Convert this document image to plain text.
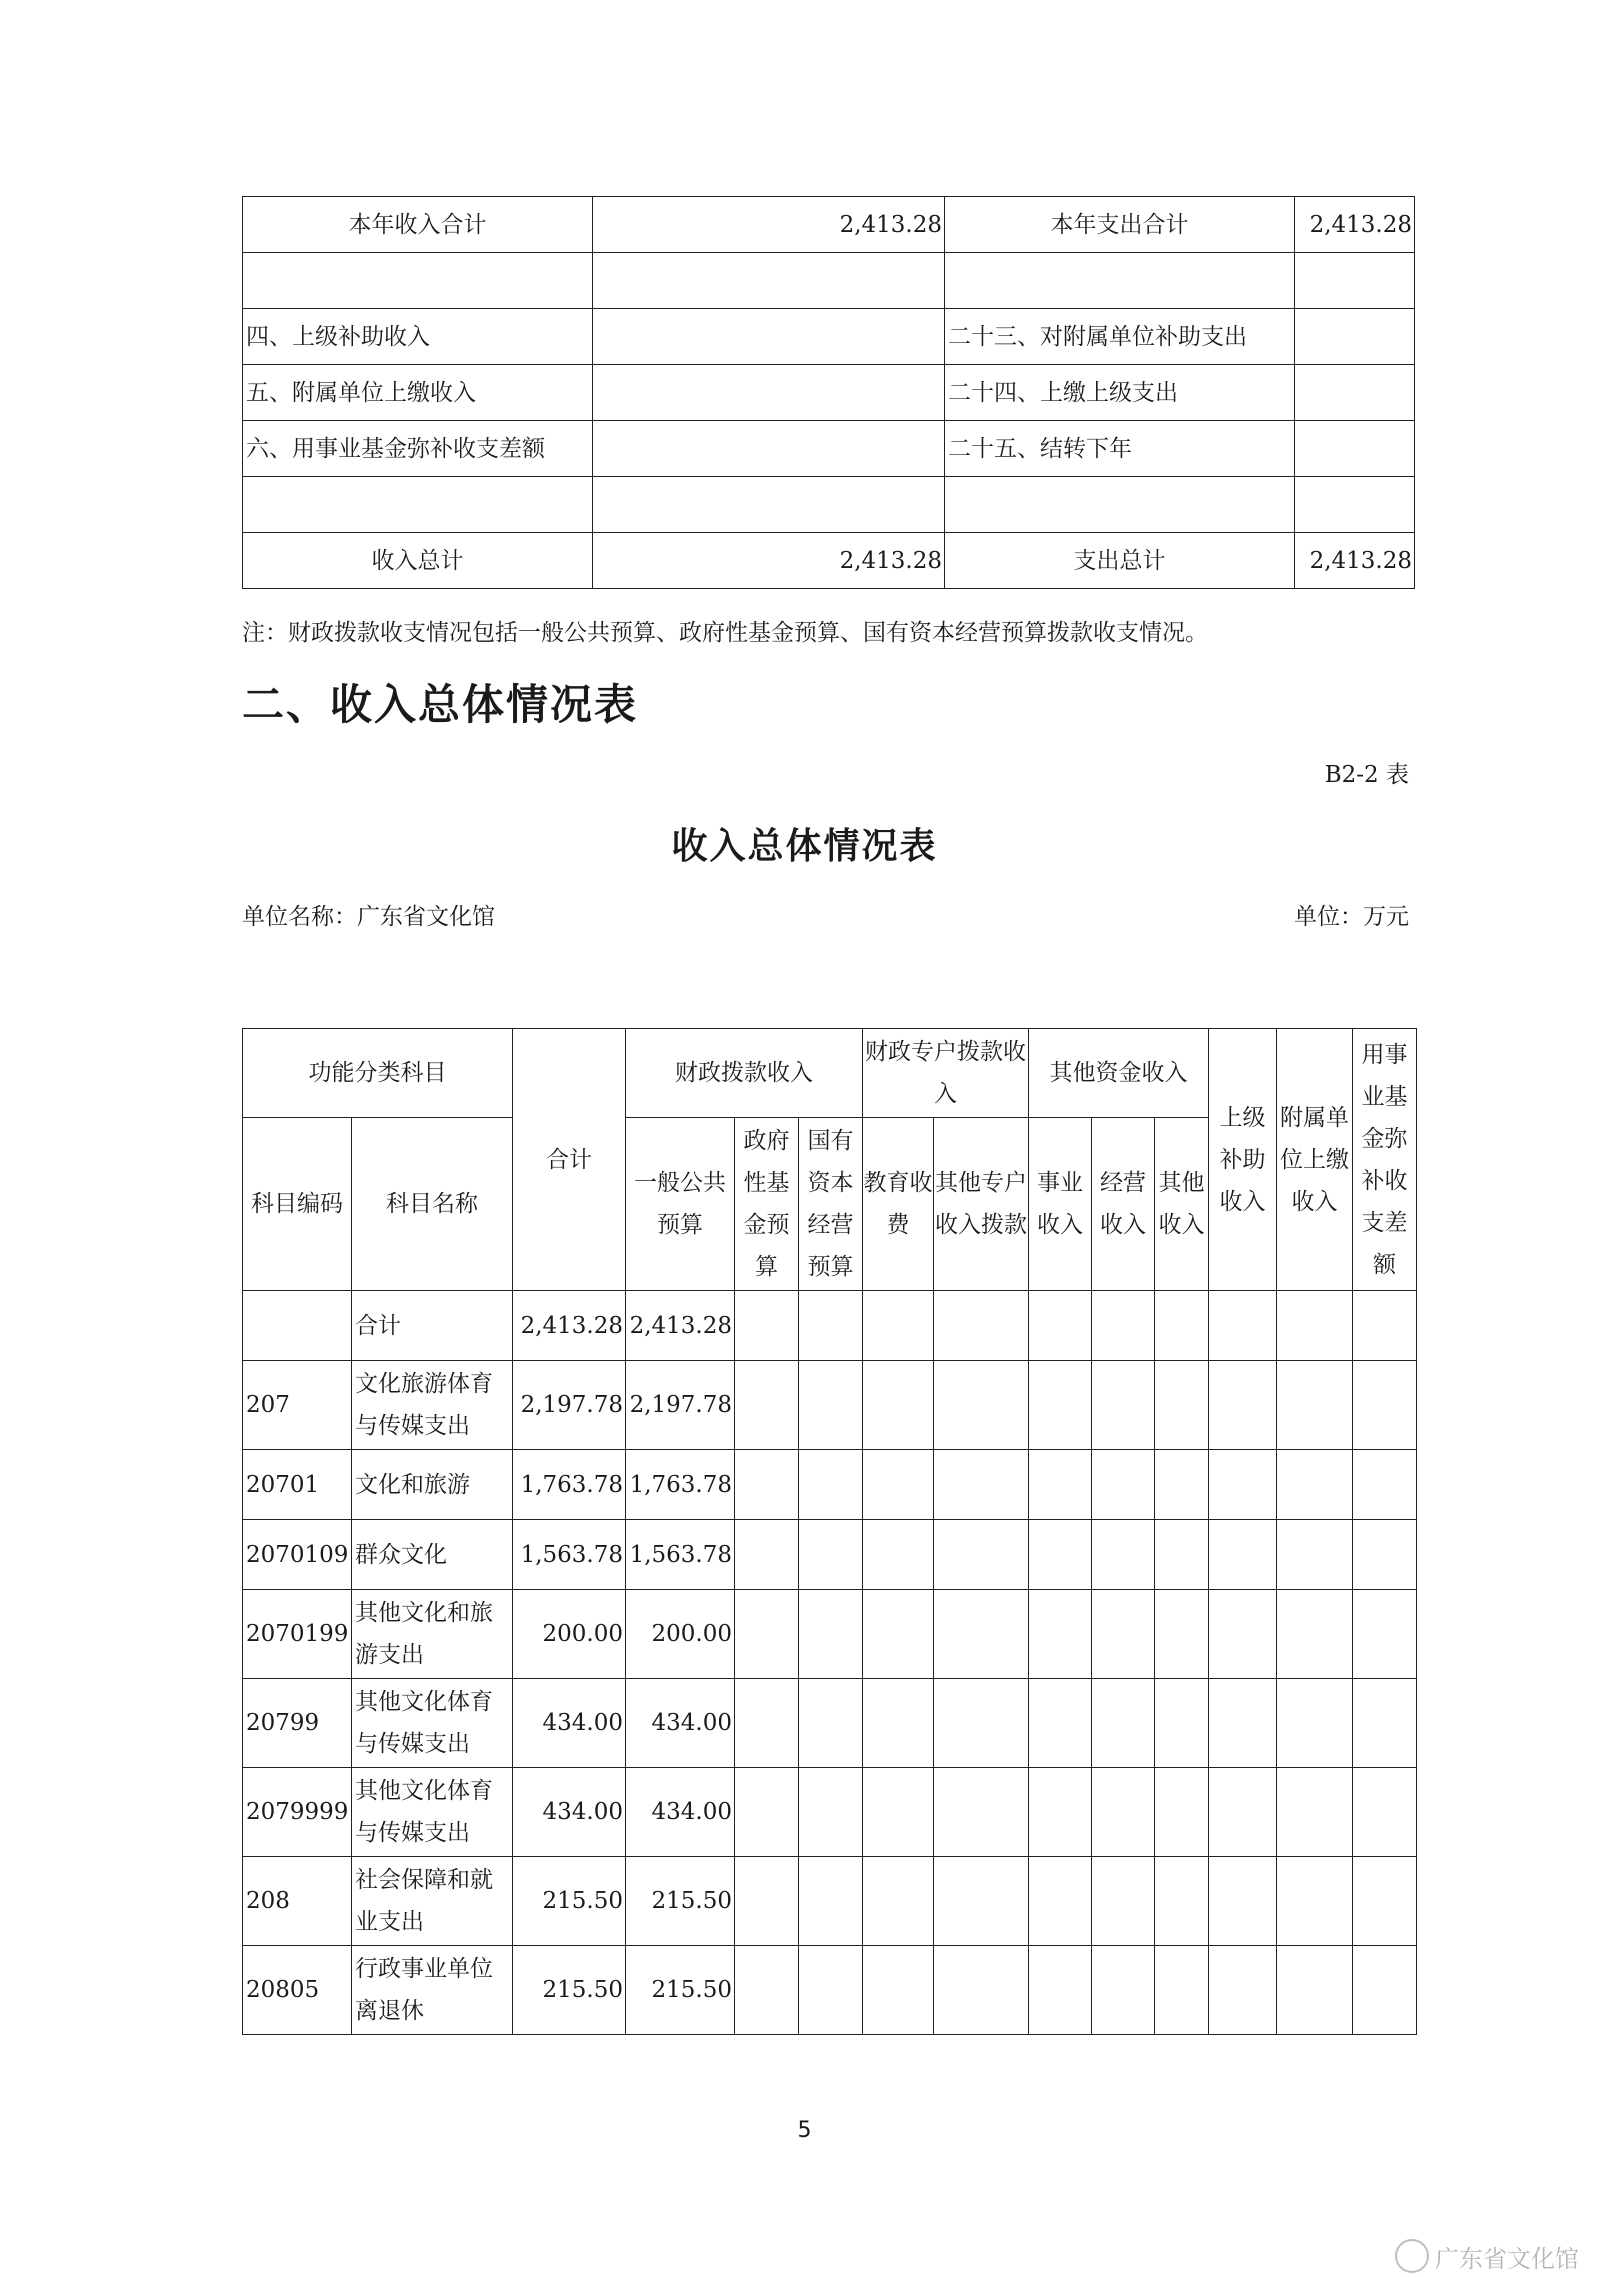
本年收入合计	2,413.28	本年支出合计	2,413.28

四、上级补助收入		二十三、对附属单位补助支出	
五、附属单位上缴收入		二十四、上缴上级支出	
六、用事业基金弥补收支差额		二十五、结转下年	

收入总计	2,413.28	支出总计	2,413.28
注：财政拨款收支情况包括一般公共预算、政府性基金预算、国有资本经营预算拨款收支情况。
二、收入总体情况表
B2-2 表
收入总体情况表
单位名称：广东省文化馆	单位：万元
功能分类科目		合计	财政拨款收入			财政专户拨款收入		其他资金收入			上级补助收入	附属单位上缴收入	用事业基金弥补收支差额
科目编码	科目名称		一般公共预算	政府性基金预算	国有资本经营预算	教育收费	其他专户收入拨款	事业收入	经营收入	其他收入			
	合计	2,413.28	2,413.28										
207	文化旅游体育与传媒支出	2,197.78	2,197.78										
20701	文化和旅游	1,763.78	1,763.78										
2070109	群众文化	1,563.78	1,563.78										
2070199	其他文化和旅游支出	200.00	200.00										
20799	其他文化体育与传媒支出	434.00	434.00										
2079999	其他文化体育与传媒支出	434.00	434.00										
208	社会保障和就业支出	215.50	215.50										
20805	行政事业单位离退休	215.50	215.50										
5
广东省文化馆
